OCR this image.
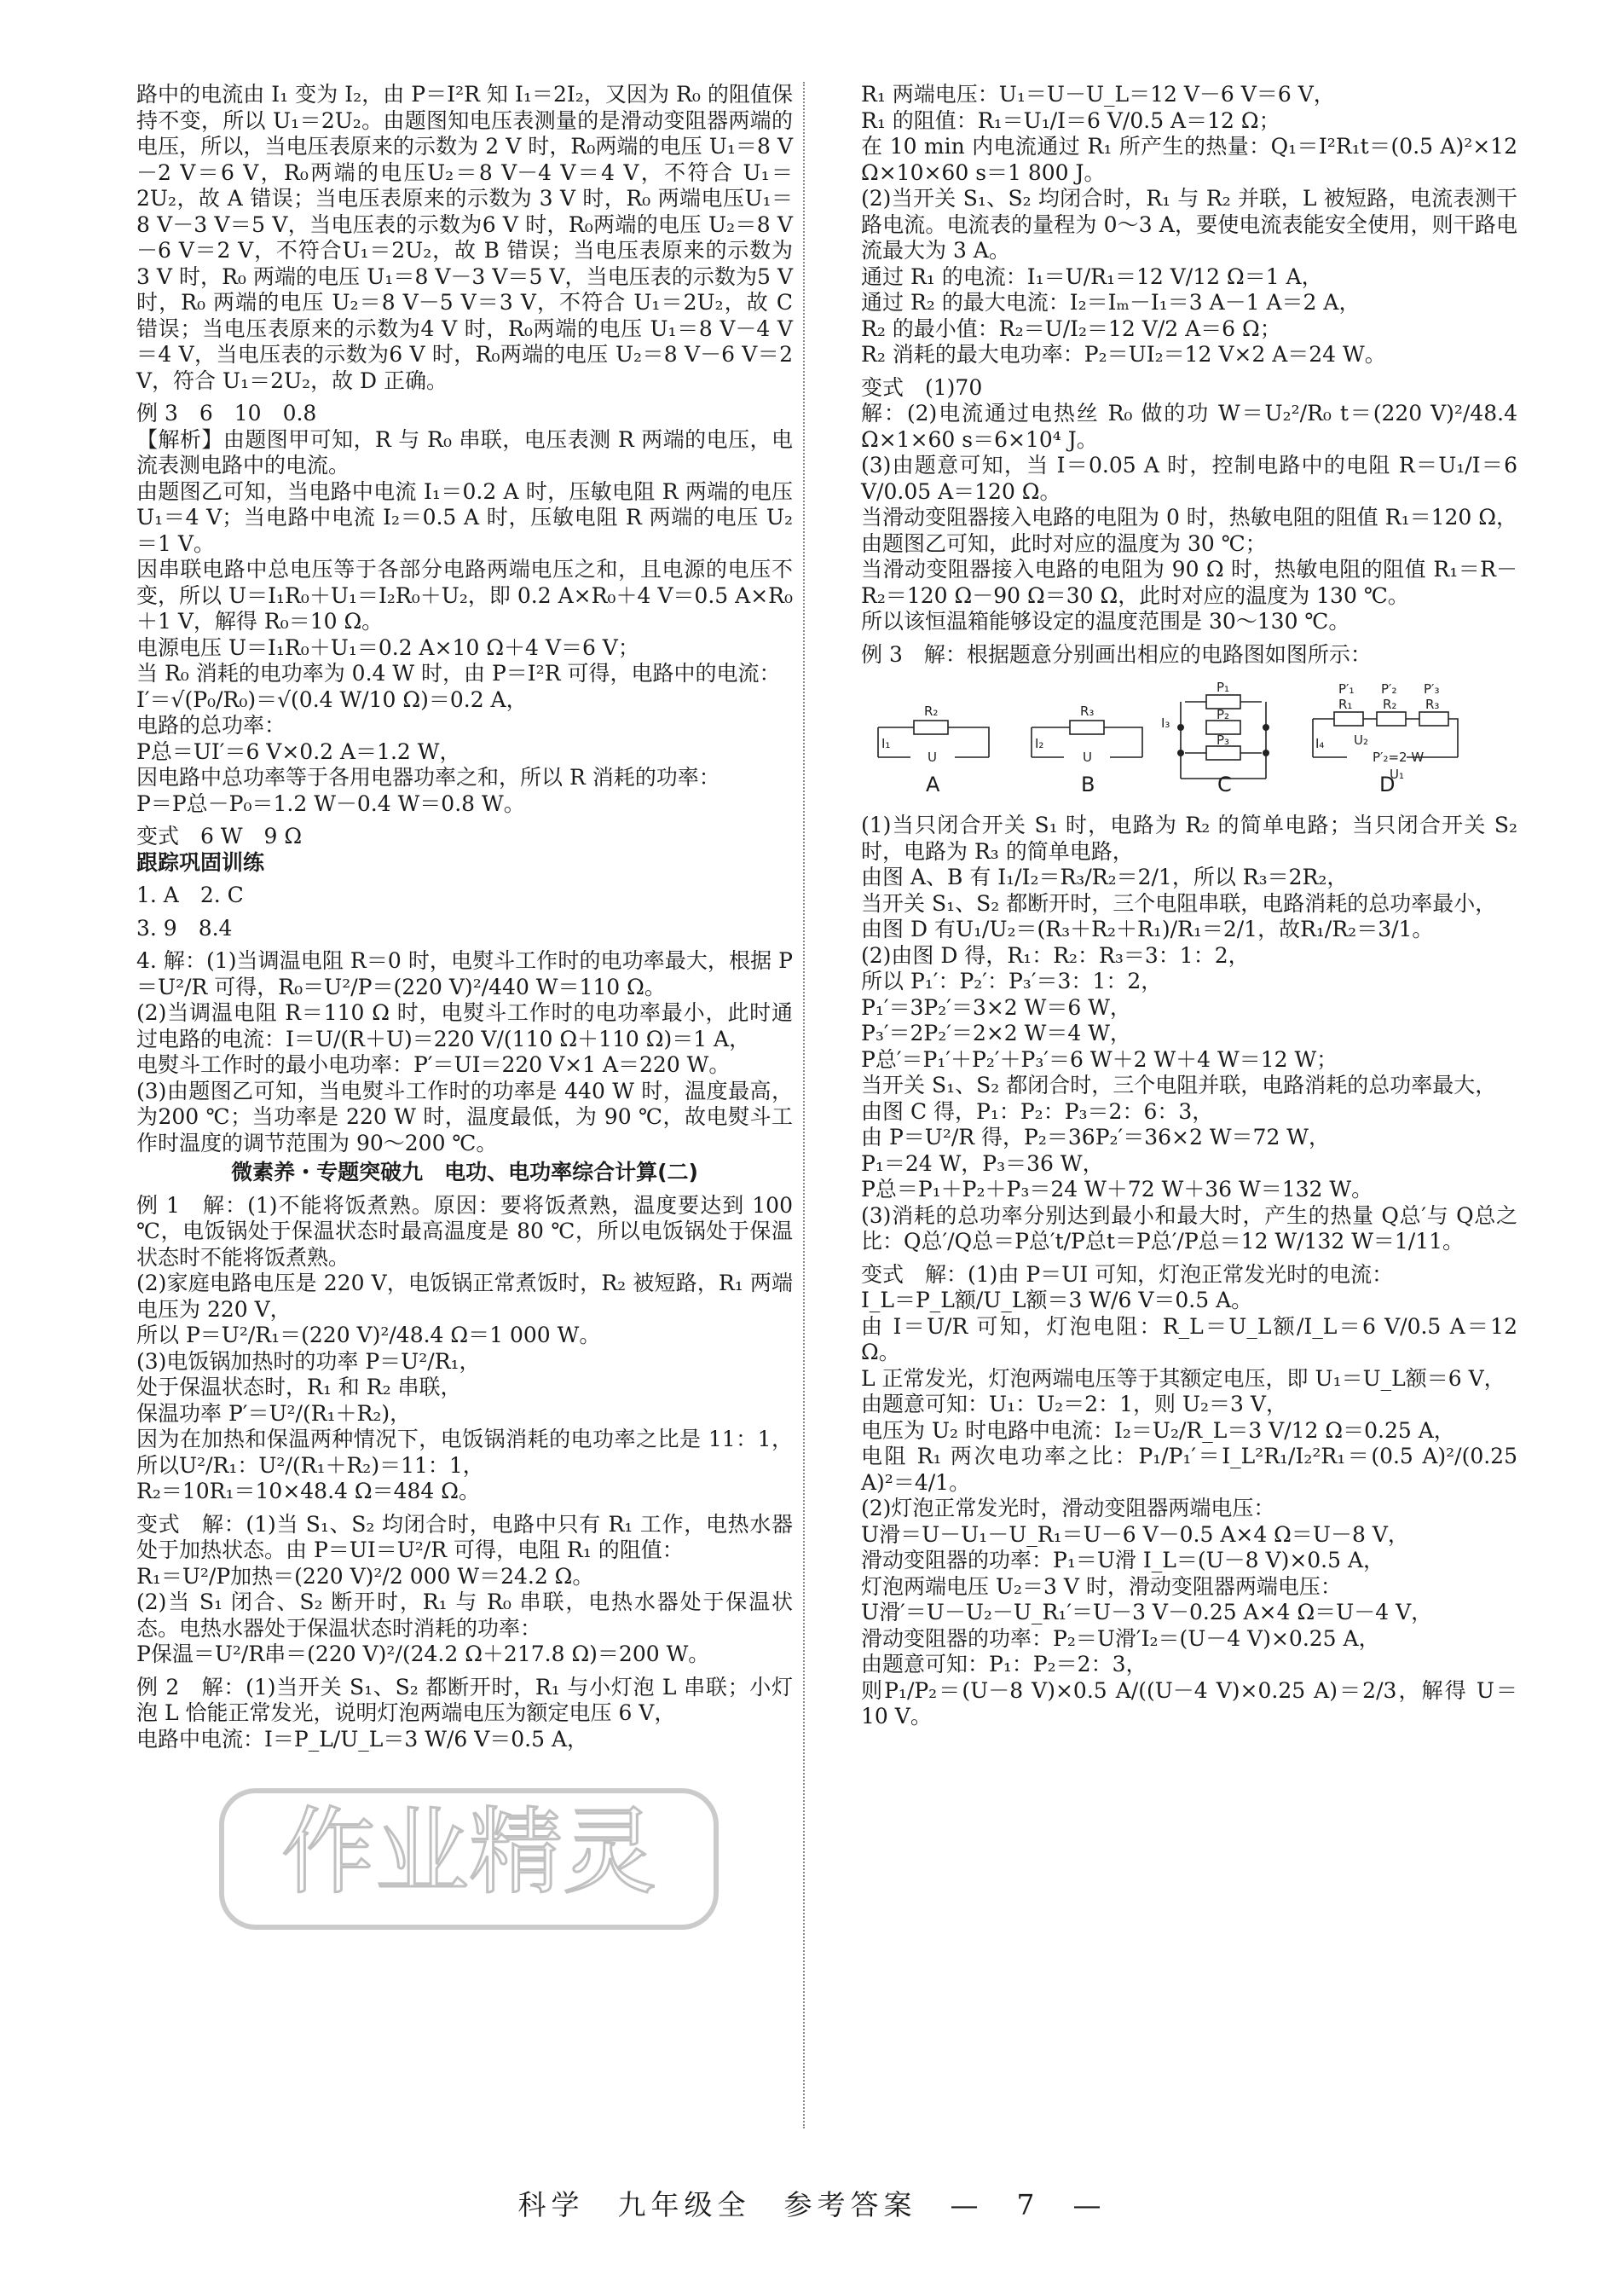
路中的电流由 I₁ 变为 I₂，由 P＝I²R 知 I₁＝2I₂，又因为 R₀ 的阻值保持不变，所以 U₁＝2U₂。由题图知电压表测量的是滑动变阻器两端的电压，所以，当电压表原来的示数为 2 V 时，R₀两端的电压 U₁＝8 V－2 V＝6 V，R₀两端的电压U₂＝8 V－4 V＝4 V，不符合 U₁＝2U₂，故 A 错误；当电压表原来的示数为 3 V 时，R₀ 两端电压U₁＝8 V－3 V＝5 V，当电压表的示数为6 V 时，R₀两端的电压 U₂＝8 V－6 V＝2 V，不符合U₁＝2U₂，故 B 错误；当电压表原来的示数为 3 V 时，R₀ 两端的电压 U₁＝8 V－3 V＝5 V，当电压表的示数为5 V 时，R₀ 两端的电压 U₂＝8 V－5 V＝3 V，不符合 U₁＝2U₂，故 C 错误；当电压表原来的示数为4 V 时，R₀两端的电压 U₁＝8 V－4 V＝4 V，当电压表的示数为6 V 时，R₀两端的电压 U₂＝8 V－6 V＝2 V，符合 U₁＝2U₂，故 D 正确。

例 3　6　10　0.8

【解析】由题图甲可知，R 与 R₀ 串联，电压表测 R 两端的电压，电流表测电路中的电流。

由题图乙可知，当电路中电流 I₁＝0.2 A 时，压敏电阻 R 两端的电压 U₁＝4 V；当电路中电流 I₂＝0.5 A 时，压敏电阻 R 两端的电压 U₂＝1 V。

因串联电路中总电压等于各部分电路两端电压之和，且电源的电压不变，所以 U＝I₁R₀＋U₁＝I₂R₀＋U₂，即 0.2 A×R₀＋4 V＝0.5 A×R₀＋1 V，解得 R₀＝10 Ω。

电源电压 U＝I₁R₀＋U₁＝0.2 A×10 Ω＋4 V＝6 V；

当 R₀ 消耗的电功率为 0.4 W 时，由 P＝I²R 可得，电路中的电流：

I′＝√(P₀/R₀)＝√(0.4 W/10 Ω)＝0.2 A，

电路的总功率：

P总＝UI′＝6 V×0.2 A＝1.2 W，

因电路中总功率等于各用电器功率之和，所以 R 消耗的功率：

P＝P总－P₀＝1.2 W－0.4 W＝0.8 W。

变式　6 W　9 Ω

跟踪巩固训练

1. A　2. C

3. 9　8.4

4. 解：(1)当调温电阻 R＝0 时，电熨斗工作时的电功率最大，根据 P＝U²/R 可得，R₀＝U²/P＝(220 V)²/440 W＝110 Ω。

(2)当调温电阻 R＝110 Ω 时，电熨斗工作时的电功率最小，此时通过电路的电流：I＝U/(R＋U)＝220 V/(110 Ω＋110 Ω)＝1 A，

电熨斗工作时的最小电功率：P′＝UI＝220 V×1 A＝220 W。

(3)由题图乙可知，当电熨斗工作时的功率是 440 W 时，温度最高，为200 ℃；当功率是 220 W 时，温度最低，为 90 ℃，故电熨斗工作时温度的调节范围为 90～200 ℃。

微素养・专题突破九　电功、电功率综合计算(二)

例 1　解：(1)不能将饭煮熟。原因：要将饭煮熟，温度要达到 100 ℃，电饭锅处于保温状态时最高温度是 80 ℃，所以电饭锅处于保温状态时不能将饭煮熟。

(2)家庭电路电压是 220 V，电饭锅正常煮饭时，R₂ 被短路，R₁ 两端电压为 220 V，

所以 P＝U²/R₁＝(220 V)²/48.4 Ω＝1 000 W。

(3)电饭锅加热时的功率 P＝U²/R₁，

处于保温状态时，R₁ 和 R₂ 串联，

保温功率 P′＝U²/(R₁＋R₂)，

因为在加热和保温两种情况下，电饭锅消耗的电功率之比是 11：1，所以U²/R₁：U²/(R₁＋R₂)＝11：1，

R₂＝10R₁＝10×48.4 Ω＝484 Ω。

变式　解：(1)当 S₁、S₂ 均闭合时，电路中只有 R₁ 工作，电热水器处于加热状态。由 P＝UI＝U²/R 可得，电阻 R₁ 的阻值：

R₁＝U²/P加热＝(220 V)²/2 000 W＝24.2 Ω。

(2)当 S₁ 闭合、S₂ 断开时，R₁ 与 R₀ 串联，电热水器处于保温状态。电热水器处于保温状态时消耗的功率：

P保温＝U²/R串＝(220 V)²/(24.2 Ω＋217.8 Ω)＝200 W。

例 2　解：(1)当开关 S₁、S₂ 都断开时，R₁ 与小灯泡 L 串联；小灯泡 L 恰能正常发光，说明灯泡两端电压为额定电压 6 V，

电路中电流：I＝P_L/U_L＝3 W/6 V＝0.5 A，

R₁ 两端电压：U₁＝U－U_L＝12 V－6 V＝6 V，

R₁ 的阻值：R₁＝U₁/I＝6 V/0.5 A＝12 Ω；

在 10 min 内电流通过 R₁ 所产生的热量：Q₁＝I²R₁t＝(0.5 A)²×12 Ω×10×60 s＝1 800 J。

(2)当开关 S₁、S₂ 均闭合时，R₁ 与 R₂ 并联，L 被短路，电流表测干路电流。电流表的量程为 0～3 A，要使电流表能安全使用，则干路电流最大为 3 A。

通过 R₁ 的电流：I₁＝U/R₁＝12 V/12 Ω＝1 A，

通过 R₂ 的最大电流：I₂＝Iₘ－I₁＝3 A－1 A＝2 A，

R₂ 的最小值：R₂＝U/I₂＝12 V/2 A＝6 Ω；

R₂ 消耗的最大电功率：P₂＝UI₂＝12 V×2 A＝24 W。

变式　(1)70

解：(2)电流通过电热丝 R₀ 做的功 W＝U₂²/R₀ t＝(220 V)²/48.4 Ω×1×60 s＝6×10⁴ J。

(3)由题意可知，当 I＝0.05 A 时，控制电路中的电阻 R＝U₁/I＝6 V/0.05 A＝120 Ω。

当滑动变阻器接入电路的电阻为 0 时，热敏电阻的阻值 R₁＝120 Ω，由题图乙可知，此时对应的温度为 30 ℃；

当滑动变阻器接入电路的电阻为 90 Ω 时，热敏电阻的阻值 R₁＝R－R₂＝120 Ω－90 Ω＝30 Ω，此时对应的温度为 130 ℃。

所以该恒温箱能够设定的温度范围是 30～130 ℃。

例 3　解：根据题意分别画出相应的电路图如图所示：

R₂
I₁
U
R₃
I₂
U
P₁
P₂
P₃
I₃
P′₁ P′₂ P′₃
R₁ R₂ R₃
I₄ U₂
P′₂=2 W
U₁
A	B	C	D

(1)当只闭合开关 S₁ 时，电路为 R₂ 的简单电路；当只闭合开关 S₂ 时，电路为 R₃ 的简单电路，

由图 A、B 有 I₁/I₂＝R₃/R₂＝2/1，所以 R₃＝2R₂，

当开关 S₁、S₂ 都断开时，三个电阻串联，电路消耗的总功率最小，

由图 D 有U₁/U₂＝(R₃＋R₂＋R₁)/R₁＝2/1，故R₁/R₂＝3/1。

(2)由图 D 得，R₁：R₂：R₃＝3：1：2，

所以 P₁′：P₂′：P₃′＝3：1：2，

P₁′＝3P₂′＝3×2 W＝6 W，

P₃′＝2P₂′＝2×2 W＝4 W，

P总′＝P₁′＋P₂′＋P₃′＝6 W＋2 W＋4 W＝12 W；

当开关 S₁、S₂ 都闭合时，三个电阻并联，电路消耗的总功率最大，

由图 C 得，P₁：P₂：P₃＝2：6：3，

由 P＝U²/R 得，P₂＝36P₂′＝36×2 W＝72 W，

P₁＝24 W，P₃＝36 W，

P总＝P₁＋P₂＋P₃＝24 W＋72 W＋36 W＝132 W。

(3)消耗的总功率分别达到最小和最大时，产生的热量 Q总′与 Q总之比：Q总′/Q总＝P总′t/P总t＝P总′/P总＝12 W/132 W＝1/11。

变式　解：(1)由 P＝UI 可知，灯泡正常发光时的电流：

I_L＝P_L额/U_L额＝3 W/6 V＝0.5 A。

由 I＝U/R 可知，灯泡电阻：R_L＝U_L额/I_L＝6 V/0.5 A＝12 Ω。

L 正常发光，灯泡两端电压等于其额定电压，即 U₁＝U_L额＝6 V，

由题意可知：U₁：U₂＝2：1，则 U₂＝3 V，

电压为 U₂ 时电路中电流：I₂＝U₂/R_L＝3 V/12 Ω＝0.25 A，

电阻 R₁ 两次电功率之比：P₁/P₁′＝I_L²R₁/I₂²R₁＝(0.5 A)²/(0.25 A)²＝4/1。

(2)灯泡正常发光时，滑动变阻器两端电压：

U滑＝U－U₁－U_R₁＝U－6 V－0.5 A×4 Ω＝U－8 V，

滑动变阻器的功率：P₁＝U滑 I_L＝(U－8 V)×0.5 A，

灯泡两端电压 U₂＝3 V 时，滑动变阻器两端电压：

U滑′＝U－U₂－U_R₁′＝U－3 V－0.25 A×4 Ω＝U－4 V，

滑动变阻器的功率：P₂＝U滑′I₂＝(U－4 V)×0.25 A，

由题意可知：P₁：P₂＝2：3，

则P₁/P₂＝(U－8 V)×0.5 A/((U－4 V)×0.25 A)＝2/3，解得 U＝10 V。

作业精灵
科学　九年级全　参考答案　—　7　—
